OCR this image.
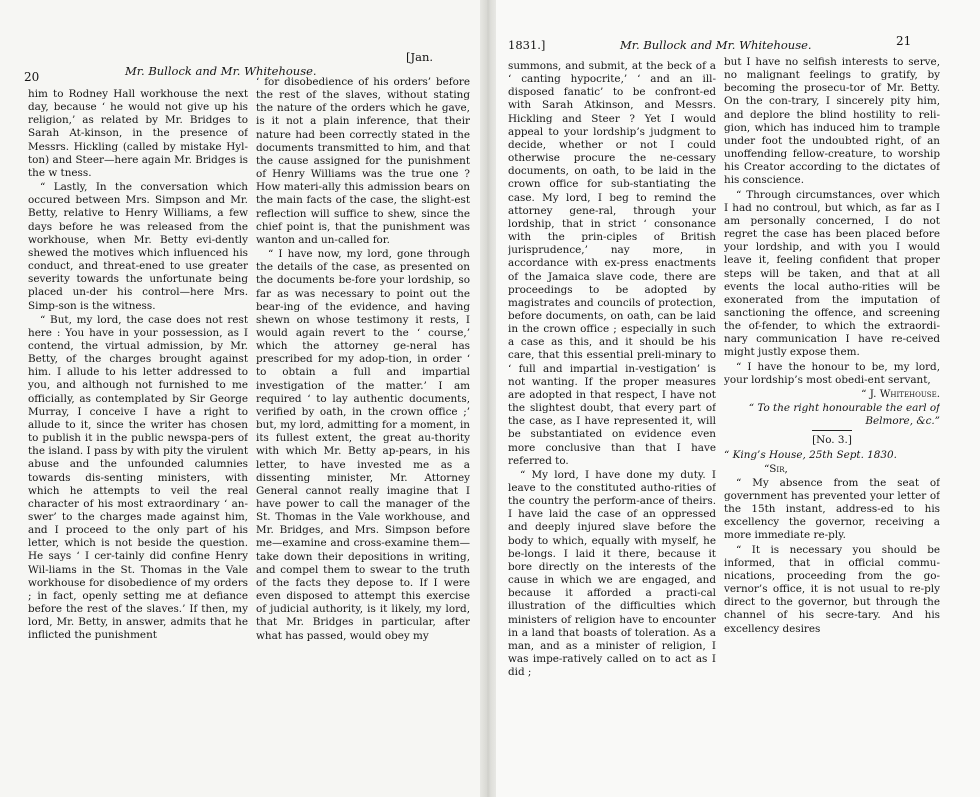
20	Mr. Bullock and Mr. Whitehouse.
[Jan.

him to Rodney Hall workhouse the next day, because ‘ he would not give up his religion,’ as related by Mr. Bridges to Sarah At-kinson, in the presence of Messrs. Hickling (called by mistake Hyl-ton) and Steer—here again Mr. Bridges is the w tness.

“ Lastly, In the conversation which occured between Mrs. Simpson and Mr. Betty, relative to Henry Williams, a few days before he was released from the workhouse, when Mr. Betty evi-dently shewed the motives which influenced his conduct, and threat-ened to use greater severity towards the unfortunate being placed un-der his control—here Mrs. Simp-son is the witness.

“ But, my lord, the case does not rest here : You have in your possession, as I contend, the virtual admission, by Mr. Betty, of the charges brought against him. I allude to his letter addressed to you, and although not furnished to me officially, as contemplated by Sir George Murray, I conceive I have a right to allude to it, since the writer has chosen to publish it in the public newspa-pers of the island. I pass by with pity the virulent abuse and the unfounded calumnies towards dis-senting ministers, with which he attempts to veil the real character of his most extraordinary ‘ an-swer’ to the charges made against him, and I proceed to the only part of his letter, which is not beside the question. He says ‘ I cer-tainly did confine Henry Wil-liams in the St. Thomas in the Vale workhouse for disobedience of my orders ; in fact, openly setting me at defiance before the rest of the slaves.’ If then, my lord, Mr. Betty, in answer, admits that he inflicted the punishment

‘ for disobedience of his orders’ before the rest of the slaves, without stating the nature of the orders which he gave, is it not a plain inference, that their nature had been correctly stated in the documents transmitted to him, and that the cause assigned for the punishment of Henry Williams was the true one ? How materi-ally this admission bears on the main facts of the case, the slight-est reflection will suffice to shew, since the chief point is, that the punishment was wanton and un-called for.

“ I have now, my lord, gone through the details of the case, as presented on the documents be-fore your lordship, so far as was necessary to point out the bear-ing of the evidence, and having shewn on whose testimony it rests, I would again revert to the ‘ course,’ which the attorney ge-neral has prescribed for my adop-tion, in order ‘ to obtain a full and impartial investigation of the matter.’ I am required ‘ to lay authentic documents, verified by oath, in the crown office ;’ but, my lord, admitting for a moment, in its fullest extent, the great au-thority with which Mr. Betty ap-pears, in his letter, to have invested me as a dissenting minister, Mr. Attorney General cannot really imagine that I have power to call the manager of the St. Thomas in the Vale workhouse, and Mr. Bridges, and Mrs. Simpson before me—examine and cross-examine them—take down their depositions in writing, and compel them to swear to the truth of the facts they depose to. If I were even disposed to attempt this exercise of judicial authority, is it likely, my lord, that Mr. Bridges in particular, after what has passed, would obey my

1831.]	Mr. Bullock and Mr. Whitehouse.	21

summons, and submit, at the beck of a ‘ canting hypocrite,’ ‘ and an ill-disposed fanatic’ to be confront-ed with Sarah Atkinson, and Messrs. Hickling and Steer ? Yet I would appeal to your lordship’s judgment to decide, whether or not I could otherwise procure the ne-cessary documents, on oath, to be laid in the crown office for sub-stantiating the case. My lord, I beg to remind the attorney gene-ral, through your lordship, that in strict ‘ consonance with the prin-ciples of British jurisprudence,’ nay more, in accordance with ex-press enactments of the Jamaica slave code, there are proceedings to be adopted by magistrates and councils of protection, before documents, on oath, can be laid in the crown office ; especially in such a case as this, and it should be his care, that this essential preli-minary to ‘ full and impartial in-vestigation’ is not wanting. If the proper measures are adopted in that respect, I have not the slightest doubt, that every part of the case, as I have represented it, will be substantiated on evidence even more conclusive than that I have referred to.

“ My lord, I have done my duty. I leave to the constituted autho-rities of the country the perform-ance of theirs. I have laid the case of an oppressed and deeply injured slave before the body to which, equally with myself, he be-longs. I laid it there, because it bore directly on the interests of the cause in which we are engaged, and because it afforded a practi-cal illustration of the difficulties which ministers of religion have to encounter in a land that boasts of toleration. As a man, and as a minister of religion, I was impe-ratively called on to act as I did ;

but I have no selfish interests to serve, no malignant feelings to gratify, by becoming the prosecu-tor of Mr. Betty. On the con-trary, I sincerely pity him, and deplore the blind hostility to reli-gion, which has induced him to trample under foot the undoubted right, of an unoffending fellow-creature, to worship his Creator according to the dictates of his conscience.

“ Through circumstances, over which I had no controul, but which, as far as I am personally concerned, I do not regret the case has been placed before your lordship, and with you I would leave it, feeling confident that proper steps will be taken, and that at all events the local autho-rities will be exonerated from the imputation of sanctioning the offence, and screening the of-fender, to which the extraordi-nary communication I have re-ceived might justly expose them.

“ I have the honour to be, my lord, your lordship’s most obedi-ent servant,

“ J. Whitehouse.

“ To the right honourable the earl of Belmore, &c.”

[No. 3.]

“ King’s House, 25th Sept. 1830.

“Sir,

“ My absence from the seat of government has prevented your letter of the 15th instant, address-ed to his excellency the governor, receiving a more immediate re-ply.

“ It is necessary you should be informed, that in official commu-nications, proceeding from the go-vernor’s office, it is not usual to re-ply direct to the governor, but through the channel of his secre-tary. And his excellency desires
